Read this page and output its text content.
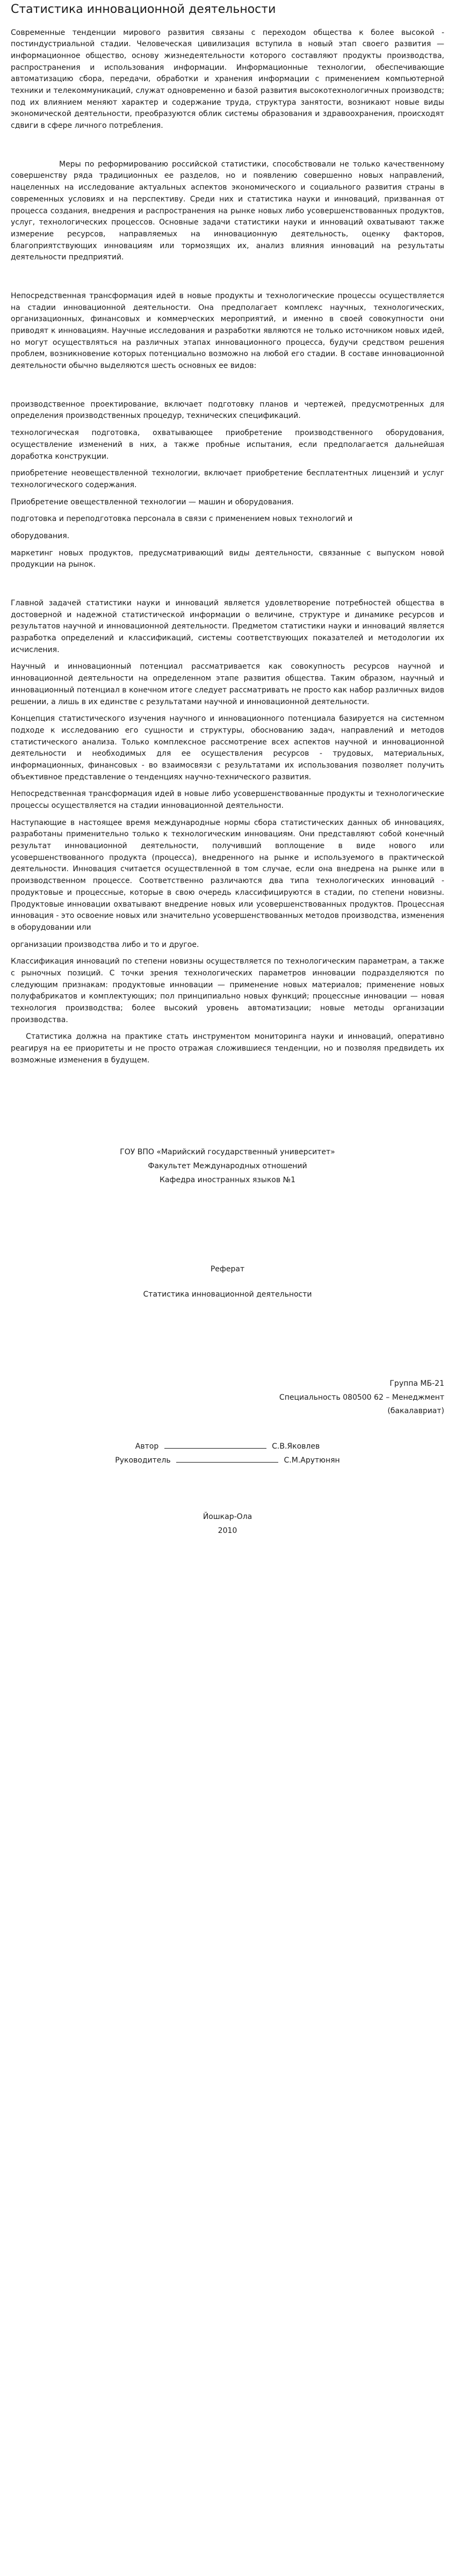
Статистика инновационной деятельности

Современные тенденции мирового развития связаны с переходом общества к более высокой - постиндустриальной стадии. Человеческая цивилизация вступила в новый этап своего развития — информационное общество, основу жизнедеятельности которого составляют продукты производства, распространения и использования информации. Информационные технологии, обеспечивающие автоматизацию сбора, передачи, обработки и хранения информации с применением компьютерной техники и телекоммуникаций, служат одновременно и базой развития высокотехнологичных производств; под их влиянием меняют характер и содержание труда, структура занятости, возникают новые виды экономической деятельности, преобразуются облик системы образования и здравоохранения, происходят сдвиги в сфере личного потребления.

Меры по реформированию российской статистики, способствовали не только качественному совершенству ряда традиционных ее разделов, но и появлению совершенно новых направлений, нацеленных на исследование актуальных аспектов экономического и социального развития страны в современных условиях и на перспективу. Среди них и статистика науки и инноваций, призванная от процесса создания, внедрения и распространения на рынке новых либо усовершенствованных продуктов, услуг, технологических процессов. Основные задачи статистики науки и инноваций охватывают также измерение ресурсов, направляемых на инновационную деятельность, оценку факторов, благоприятствующих инновациям или тормозящих их, анализ влияния инноваций на результаты деятельности предприятий.

Непосредственная трансформация идей в новые продукты и технологические процессы осуществляется на стадии инновационной деятельности. Она предполагает комплекс научных, технологических, организационных, финансовых и коммерческих мероприятий, и именно в своей совокупности они приводят к инновациям. Научные исследования и разработки являются не только источником новых идей, но могут осуществляться на различных этапах инновационного процесса, будучи средством решения проблем, возникновение которых потенциально возможно на любой его стадии. В составе инновационной деятельности обычно выделяются шесть основных ее видов:

производственное проектирование, включает подготовку планов и чертежей, предусмотренных для определения производственных процедур, технических спецификаций.

технологическая подготовка, охватывающее приобретение производственного оборудования, осуществление изменений в них, а также пробные испытания, если предполагается дальнейшая доработка конструкции.

приобретение неовеществленной технологии, включает приобретение бесплатентных лицензий и услуг технологического содержания.

Приобретение овеществленной технологии — машин и оборудования.

подготовка и переподготовка персонала в связи с применением новых технологий и

оборудования.

маркетинг новых продуктов, предусматривающий виды деятельности, связанные с выпуском новой продукции на рынок.

Главной задачей статистики науки и инноваций является удовлетворение потребностей общества в достоверной и надежной статистической информации о величине, структуре и динамике ресурсов и результатов научной и инновационной деятельности. Предметом статистики науки и инноваций является разработка определений и классификаций, системы соответствующих показателей и методологии их исчисления.

Научный и инновационный потенциал рассматривается как совокупность ресурсов научной и инновационной деятельности на определенном этапе развития общества. Таким образом, научный и инновационный потенциал в конечном итоге следует рассматривать не просто как набор различных видов решении, а лишь в их единстве с результатами научной и инновационной деятельности.

Концепция статистического изучения научного и инновационного потенциала базируется на системном подходе к исследованию его сущности и структуры, обоснованию задач, направлений и методов статистического анализа. Только комплексное рассмотрение всех аспектов научной и инновационной деятельности и необходимых для ее осуществления ресурсов - трудовых, материальных, информационных, финансовых - во взаимосвязи с результатами их использования позволяет получить объективное представление о тенденциях научно-технического развития.

Непосредственная трансформация идей в новые либо усовершенствованные продукты и технологические процессы осуществляется на стадии инновационной деятельности.

Наступающие в настоящее время международные нормы сбора статистических данных об инновациях, разработаны применительно только к технологическим инновациям. Они представляют собой конечный результат инновационной деятельности, получивший воплощение в виде нового или усовершенствованного продукта (процесса), внедренного на рынке и используемого в практической деятельности. Инновация считается осуществленной в том случае, если она внедрена на рынке или в производственном процессе. Соответственно различаются два типа технологических инноваций - продуктовые и процессные, которые в свою очередь классифицируются в стадии, по степени новизны. Продуктовые инновации охватывают внедрение новых или усовершенствованных продуктов. Процессная инновация - это освоение новых или значительно усовершенствованных методов производства, изменения в оборудовании или

организации производства либо и то и другое.

Классификация инноваций по степени новизны осуществляется по технологическим параметрам, а также с рыночных позиций. С точки зрения технологических параметров инновации подразделяются по следующим признакам: продуктовые инновации — применение новых материалов; применение новых полуфабрикатов и комплектующих; пол принципиально новых функций; процессные инновации — новая технология производства; более высокий уровень автоматизации; новые методы организации производства.

Статистика должна на практике стать инструментом мониторинга науки и инноваций, оперативно реагируя на ее приоритеты и не просто отражая сложившиеся тенденции, но и позволяя предвидеть их возможные изменения в будущем.

ГОУ ВПО «Марийский государственный университет»

Факультет Международных отношений

Кафедра иностранных языков №1

Реферат

Статистика инновационной деятельности

Группа МБ-21

Специальность 080500 62 – Менеджмент

(бакалавриат)

Автор	С.В.Яковлев

Руководитель	С.М.Арутюнян

Йошкар-Ола

2010
